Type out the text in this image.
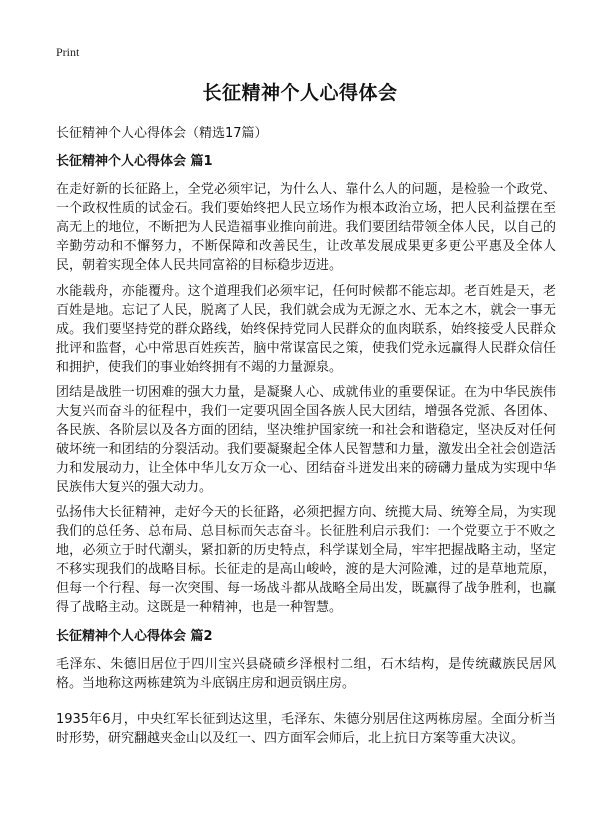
Print
长征精神个人心得体会

长征精神个人心得体会（精选17篇）

长征精神个人心得体会 篇1

在走好新的长征路上，全党必须牢记，为什么人、靠什么人的问题，是检验一个政党、一个政权性质的试金石。我们要始终把人民立场作为根本政治立场，把人民利益摆在至高无上的地位，不断把为人民造福事业推向前进。我们要团结带领全体人民，以自己的辛勤劳动和不懈努力，不断保障和改善民生，让改革发展成果更多更公平惠及全体人民，朝着实现全体人民共同富裕的目标稳步迈进。

水能载舟，亦能覆舟。这个道理我们必须牢记，任何时候都不能忘却。老百姓是天，老百姓是地。忘记了人民，脱离了人民，我们就会成为无源之水、无本之木，就会一事无成。我们要坚持党的群众路线，始终保持党同人民群众的血肉联系，始终接受人民群众批评和监督，心中常思百姓疾苦，脑中常谋富民之策，使我们党永远赢得人民群众信任和拥护，使我们的事业始终拥有不竭的力量源泉。

团结是战胜一切困难的强大力量，是凝聚人心、成就伟业的重要保证。在为中华民族伟大复兴而奋斗的征程中，我们一定要巩固全国各族人民大团结，增强各党派、各团体、各民族、各阶层以及各方面的团结，坚决维护国家统一和社会和谐稳定，坚决反对任何破坏统一和团结的分裂活动。我们要凝聚起全体人民智慧和力量，激发出全社会创造活力和发展动力，让全体中华儿女万众一心、团结奋斗迸发出来的磅礴力量成为实现中华民族伟大复兴的强大动力。

弘扬伟大长征精神，走好今天的长征路，必须把握方向、统揽大局、统筹全局，为实现我们的总任务、总布局、总目标而矢志奋斗。长征胜利启示我们：一个党要立于不败之地，必须立于时代潮头，紧扣新的历史特点，科学谋划全局，牢牢把握战略主动，坚定不移实现我们的战略目标。长征走的是高山峻岭，渡的是大河险滩，过的是草地荒原，但每一个行程、每一次突围、每一场战斗都从战略全局出发，既赢得了战争胜利，也赢得了战略主动。这既是一种精神，也是一种智慧。

长征精神个人心得体会 篇2

毛泽东、朱德旧居位于四川宝兴县硗碛乡泽根村二组，石木结构，是传统藏族民居风格。当地称这两栋建筑为斗底锅庄房和迥贡锅庄房。

1935年6月，中央红军长征到达这里，毛泽东、朱德分别居住这两栋房屋。全面分析当时形势，研究翻越夹金山以及红一、四方面军会师后，北上抗日方案等重大决议。
